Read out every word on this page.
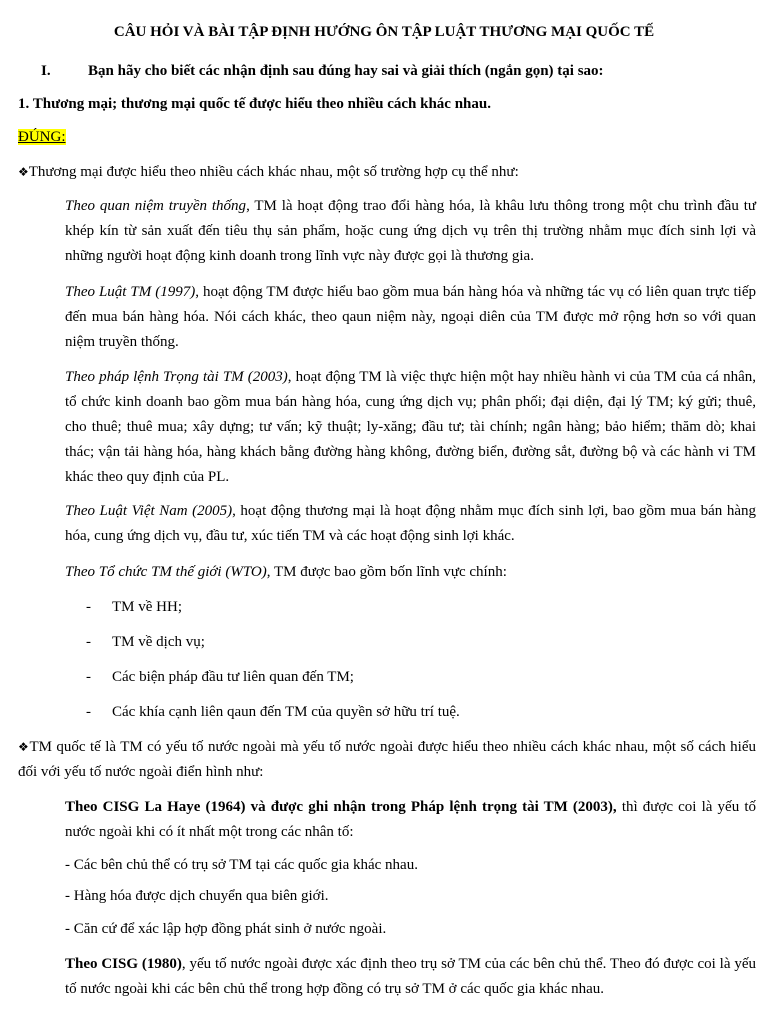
CÂU HỎI VÀ BÀI TẬP ĐỊNH HƯỚNG ÔN TẬP LUẬT THƯƠNG MẠI QUỐC TẾ
I. Bạn hãy cho biết các nhận định sau đúng hay sai và giải thích (ngắn gọn) tại sao:
1. Thương mại; thương mại quốc tế được hiểu theo nhiều cách khác nhau.
ĐÚNG:
❖Thương mại được hiểu theo nhiều cách khác nhau, một số trường hợp cụ thể như:
Theo quan niệm truyền thống, TM là hoạt động trao đổi hàng hóa, là khâu lưu thông trong một chu trình đầu tư khép kín từ sản xuất đến tiêu thụ sản phẩm, hoặc cung ứng dịch vụ trên thị trường nhằm mục đích sinh lợi và những người hoạt động kinh doanh trong lĩnh vực này được gọi là thương gia.
Theo Luật TM (1997), hoạt động TM được hiểu bao gồm mua bán hàng hóa và những tác vụ có liên quan trực tiếp đến mua bán hàng hóa. Nói cách khác, theo qaun niệm này, ngoại diên của TM được mở rộng hơn so với quan niệm truyền thống.
Theo pháp lệnh Trọng tài TM (2003), hoạt động TM là việc thực hiện một hay nhiều hành vi của TM của cá nhân, tổ chức kinh doanh bao gồm mua bán hàng hóa, cung ứng dịch vụ; phân phối; đại diện, đại lý TM; ký gửi; thuê, cho thuê; thuê mua; xây dựng; tư vấn; kỹ thuật; ly-xăng; đầu tư; tài chính; ngân hàng; bảo hiểm; thăm dò; khai thác; vận tải hàng hóa, hàng khách bằng đường hàng không, đường biển, đường sắt, đường bộ và các hành vi TM khác theo quy định của PL.
Theo Luật Việt Nam (2005), hoạt động thương mại là hoạt động nhằm mục đích sinh lợi, bao gồm mua bán hàng hóa, cung ứng dịch vụ, đầu tư, xúc tiến TM và các hoạt động sinh lợi khác.
Theo Tổ chức TM thế giới (WTO), TM được bao gồm bốn lĩnh vực chính:
- TM về HH;
- TM về dịch vụ;
- Các biện pháp đầu tư liên quan đến TM;
- Các khía cạnh liên qaun đến TM của quyền sở hữu trí tuệ.
❖TM quốc tế là TM có yếu tố nước ngoài mà yếu tố nước ngoài được hiểu theo nhiều cách khác nhau, một số cách hiểu đối với yếu tố nước ngoài điển hình như:
Theo CISG La Haye (1964) và được ghi nhận trong Pháp lệnh trọng tài TM (2003), thì được coi là yếu tố nước ngoài khi có ít nhất một trong các nhân tố:
- Các bên chủ thể có trụ sở TM tại các quốc gia khác nhau.
- Hàng hóa được dịch chuyển qua biên giới.
- Căn cứ để xác lập hợp đồng phát sinh ở nước ngoài.
Theo CISG (1980), yếu tố nước ngoài được xác định theo trụ sở TM của các bên chủ thể. Theo đó được coi là yếu tố nước ngoài khi các bên chủ thể trong hợp đồng có trụ sở TM ở các quốc gia khác nhau.
